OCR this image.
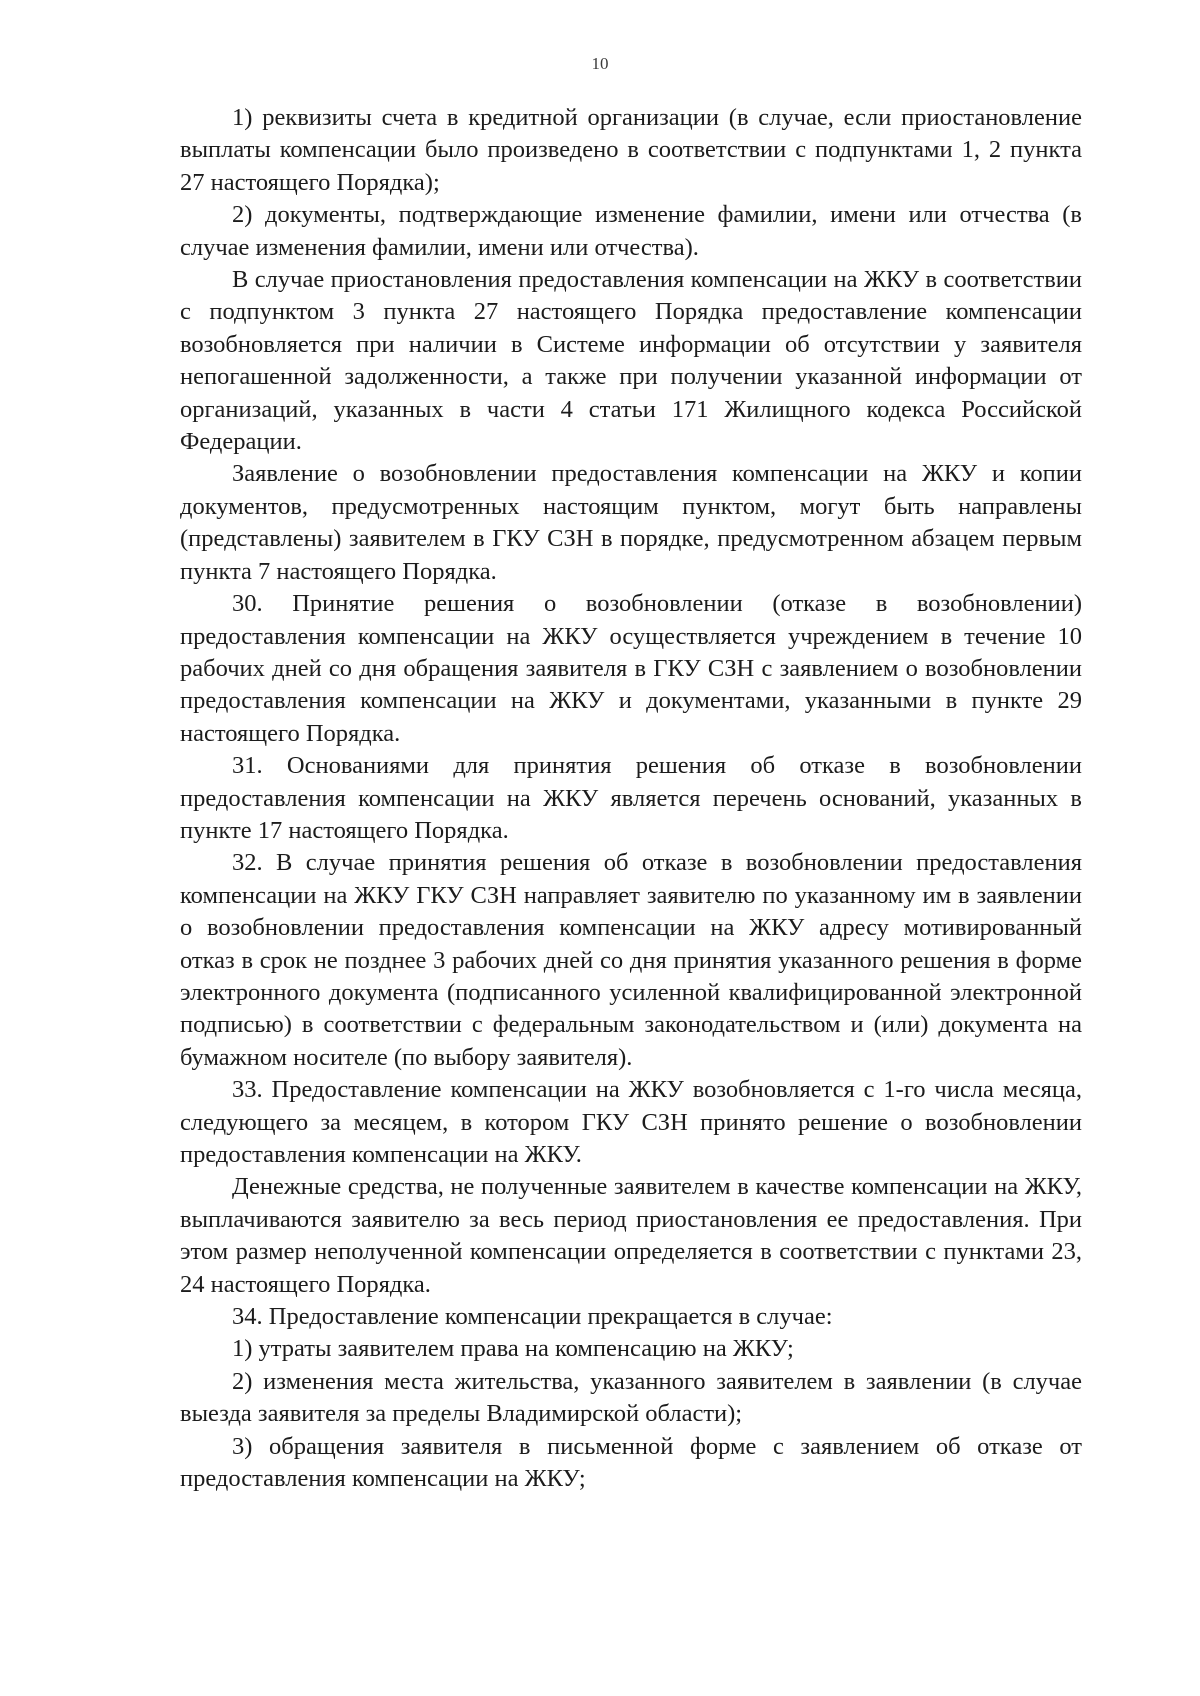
10

1) реквизиты счета в кредитной организации (в случае, если приостановление выплаты компенсации было произведено в соответствии с подпунктами 1, 2 пункта 27 настоящего Порядка);

2) документы, подтверждающие изменение фамилии, имени или отчества (в случае изменения фамилии, имени или отчества).

В случае приостановления предоставления компенсации на ЖКУ в соответствии с подпунктом 3 пункта 27 настоящего Порядка предоставление компенсации возобновляется при наличии в Системе информации об отсутствии у заявителя непогашенной задолженности, а также при получении указанной информации от организаций, указанных в части 4 статьи 171 Жилищного кодекса Российской Федерации.

Заявление о возобновлении предоставления компенсации на ЖКУ и копии документов, предусмотренных настоящим пунктом, могут быть направлены (представлены) заявителем в ГКУ СЗН в порядке, предусмотренном абзацем первым пункта 7 настоящего Порядка.

30. Принятие решения о возобновлении (отказе в возобновлении) предоставления компенсации на ЖКУ осуществляется учреждением в течение 10 рабочих дней со дня обращения заявителя в ГКУ СЗН с заявлением о возобновлении предоставления компенсации на ЖКУ и документами, указанными в пункте 29 настоящего Порядка.

31. Основаниями для принятия решения об отказе в возобновлении предоставления компенсации на ЖКУ является перечень оснований, указанных в пункте 17 настоящего Порядка.

32. В случае принятия решения об отказе в возобновлении предоставления компенсации на ЖКУ ГКУ СЗН направляет заявителю по указанному им в заявлении о возобновлении предоставления компенсации на ЖКУ адресу мотивированный отказ в срок не позднее 3 рабочих дней со дня принятия указанного решения в форме электронного документа (подписанного усиленной квалифицированной электронной подписью) в соответствии с федеральным законодательством и (или) документа на бумажном носителе (по выбору заявителя).

33. Предоставление компенсации на ЖКУ возобновляется с 1-го числа месяца, следующего за месяцем, в котором ГКУ СЗН принято решение о возобновлении предоставления компенсации на ЖКУ.

Денежные средства, не полученные заявителем в качестве компенсации на ЖКУ, выплачиваются заявителю за весь период приостановления ее предоставления. При этом размер неполученной компенсации определяется в соответствии с пунктами 23, 24 настоящего Порядка.

34. Предоставление компенсации прекращается в случае:

1) утраты заявителем права на компенсацию на ЖКУ;

2) изменения места жительства, указанного заявителем в заявлении (в случае выезда заявителя за пределы Владимирской области);

3) обращения заявителя в письменной форме с заявлением об отказе от предоставления компенсации на ЖКУ;
